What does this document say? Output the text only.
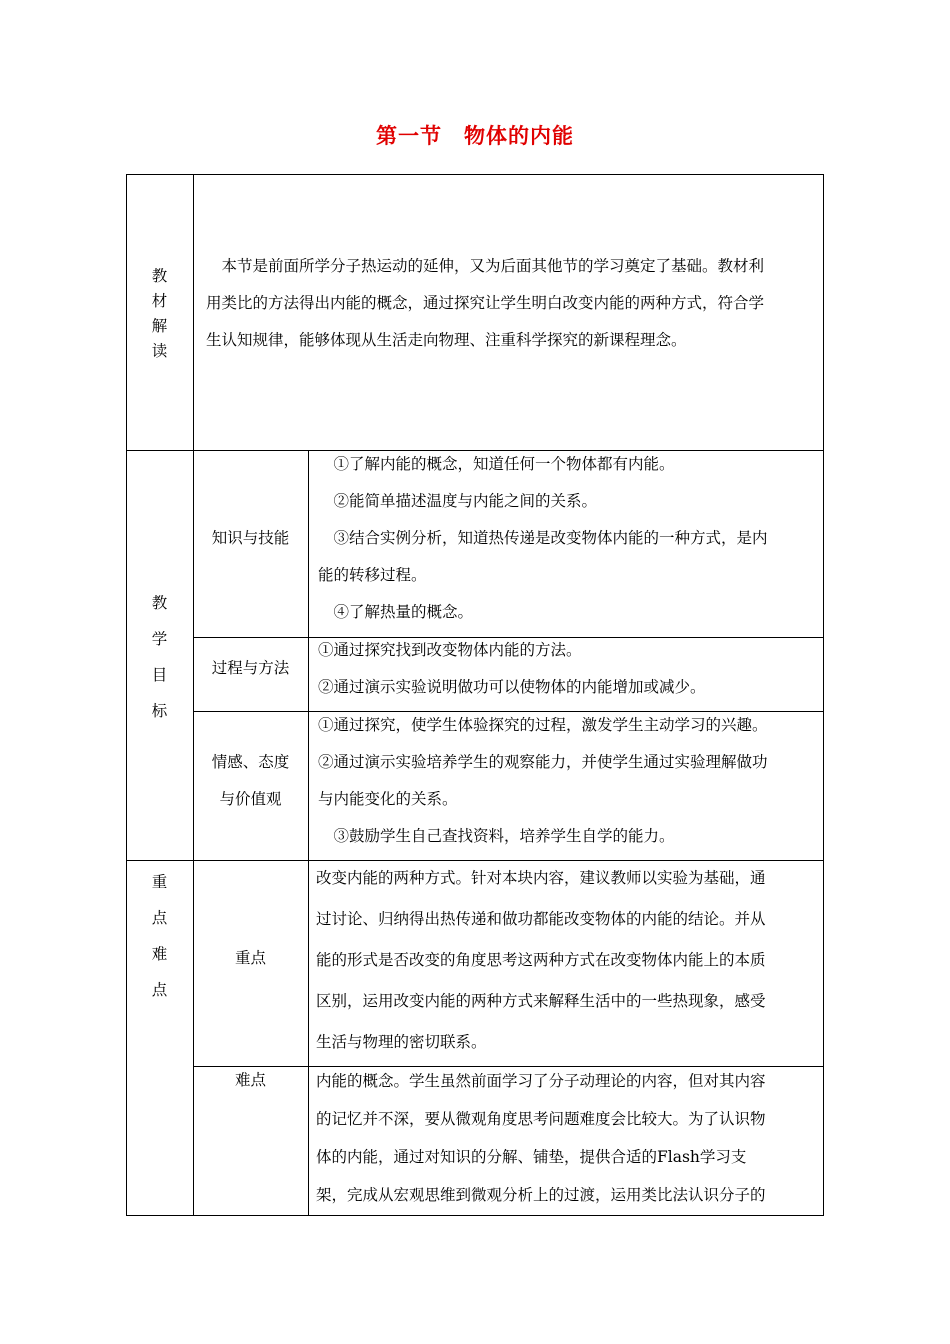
第一节　物体的内能
教
材
解
读
　本节是前面所学分子热运动的延伸，又为后面其他节的学习奠定了基础。教材利
用类比的方法得出内能的概念，通过探究让学生明白改变内能的两种方式，符合学
生认知规律，能够体现从生活走向物理、注重科学探究的新课程理念。
教
学
目
标
知识与技能
　①了解内能的概念，知道任何一个物体都有内能。
　②能简单描述温度与内能之间的关系。
　③结合实例分析，知道热传递是改变物体内能的一种方式，是内
能的转移过程。
　④了解热量的概念。
过程与方法
①通过探究找到改变物体内能的方法。
②通过演示实验说明做功可以使物体的内能增加或减少。
情感、态度
与价值观
①通过探究，使学生体验探究的过程，激发学生主动学习的兴趣。
②通过演示实验培养学生的观察能力，并使学生通过实验理解做功
与内能变化的关系。
　③鼓励学生自己查找资料，培养学生自学的能力。
重
点
难
点
重点
改变内能的两种方式。针对本块内容，建议教师以实验为基础，通
过讨论、归纳得出热传递和做功都能改变物体的内能的结论。并从
能的形式是否改变的角度思考这两种方式在改变物体内能上的本质
区别，运用改变内能的两种方式来解释生活中的一些热现象，感受
生活与物理的密切联系。
难点	内能的概念。学生虽然前面学习了分子动理论的内容，但对其内容
的记忆并不深，要从微观角度思考问题难度会比较大。为了认识物
体的内能，通过对知识的分解、铺垫，提供合适的Flash学习支
架，完成从宏观思维到微观分析上的过渡，运用类比法认识分子的
